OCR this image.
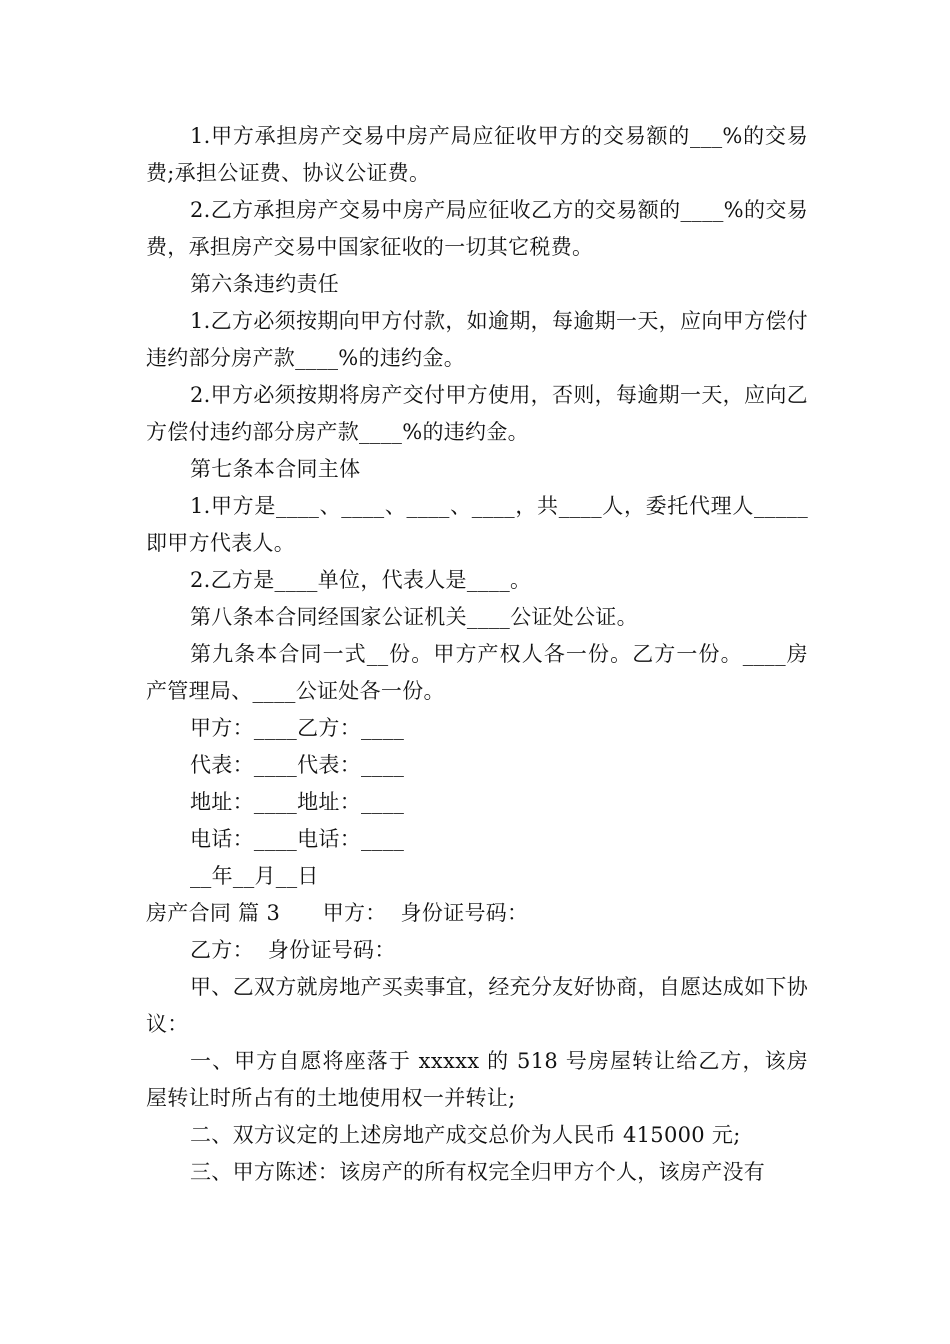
1.甲方承担房产交易中房产局应征收甲方的交易额的___%的交易费;承担公证费、协议公证费。

2.乙方承担房产交易中房产局应征收乙方的交易额的____%的交易费，承担房产交易中国家征收的一切其它税费。

第六条违约责任

1.乙方必须按期向甲方付款，如逾期，每逾期一天，应向甲方偿付违约部分房产款____%的违约金。

2.甲方必须按期将房产交付甲方使用，否则，每逾期一天，应向乙方偿付违约部分房产款____%的违约金。

第七条本合同主体

1.甲方是____、____、____、____，共____人，委托代理人_____即甲方代表人。

2.乙方是____单位，代表人是____。

第八条本合同经国家公证机关____公证处公证。

第九条本合同一式__份。甲方产权人各一份。乙方一份。____房产管理局、____公证处各一份。

甲方：____乙方：____

代表：____代表：____

地址：____地址：____

电话：____电话：____

__年__月__日

房产合同 篇 3　　甲方：  身份证号码：

乙方：  身份证号码：

甲、乙双方就房地产买卖事宜，经充分友好协商，自愿达成如下协议：

一、甲方自愿将座落于 xxxxx 的 518 号房屋转让给乙方，该房屋转让时所占有的土地使用权一并转让;

二、双方议定的上述房地产成交总价为人民币 415000 元;

三、甲方陈述：该房产的所有权完全归甲方个人，该房产没有
